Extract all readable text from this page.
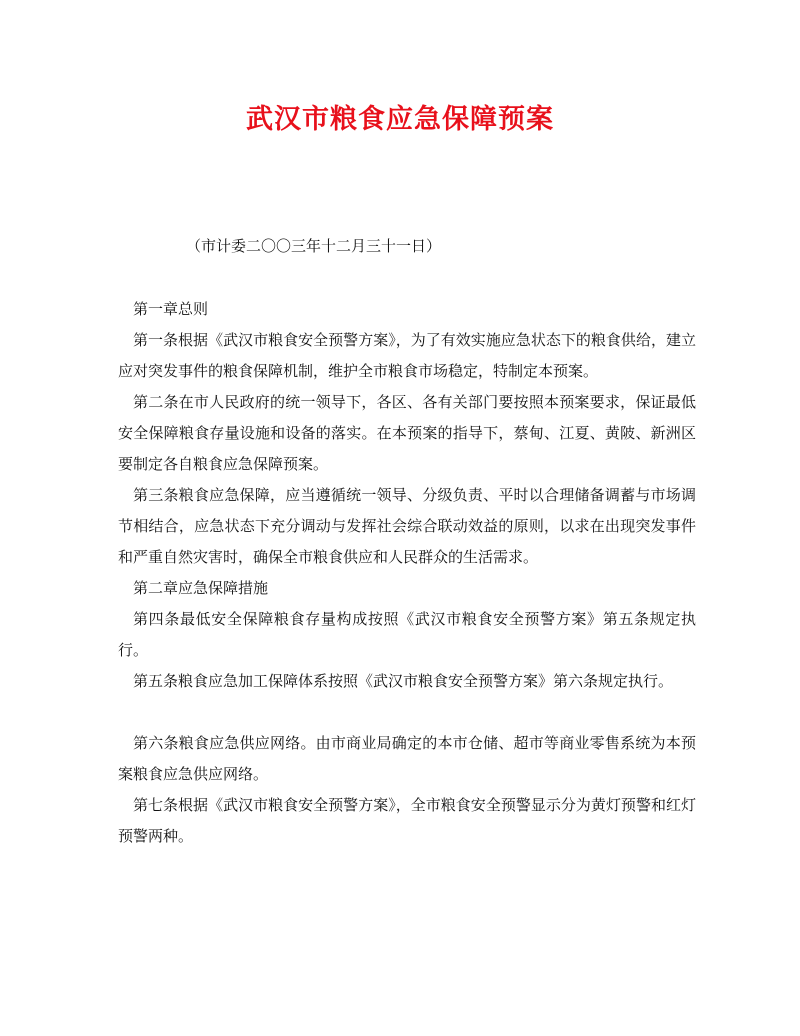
武汉市粮食应急保障预案

（市计委二〇〇三年十二月三十一日）

第一章总则

第一条根据《武汉市粮食安全预警方案》，为了有效实施应急状态下的粮食供给，建立应对突发事件的粮食保障机制，维护全市粮食市场稳定，特制定本预案。

第二条在市人民政府的统一领导下，各区、各有关部门要按照本预案要求，保证最低安全保障粮食存量设施和设备的落实。在本预案的指导下，蔡甸、江夏、黄陂、新洲区要制定各自粮食应急保障预案。

第三条粮食应急保障，应当遵循统一领导、分级负责、平时以合理储备调蓄与市场调节相结合，应急状态下充分调动与发挥社会综合联动效益的原则，以求在出现突发事件和严重自然灾害时，确保全市粮食供应和人民群众的生活需求。

第二章应急保障措施

第四条最低安全保障粮食存量构成按照《武汉市粮食安全预警方案》第五条规定执行。

第五条粮食应急加工保障体系按照《武汉市粮食安全预警方案》第六条规定执行。

第六条粮食应急供应网络。由市商业局确定的本市仓储、超市等商业零售系统为本预案粮食应急供应网络。

第七条根据《武汉市粮食安全预警方案》，全市粮食安全预警显示分为黄灯预警和红灯预警两种。
